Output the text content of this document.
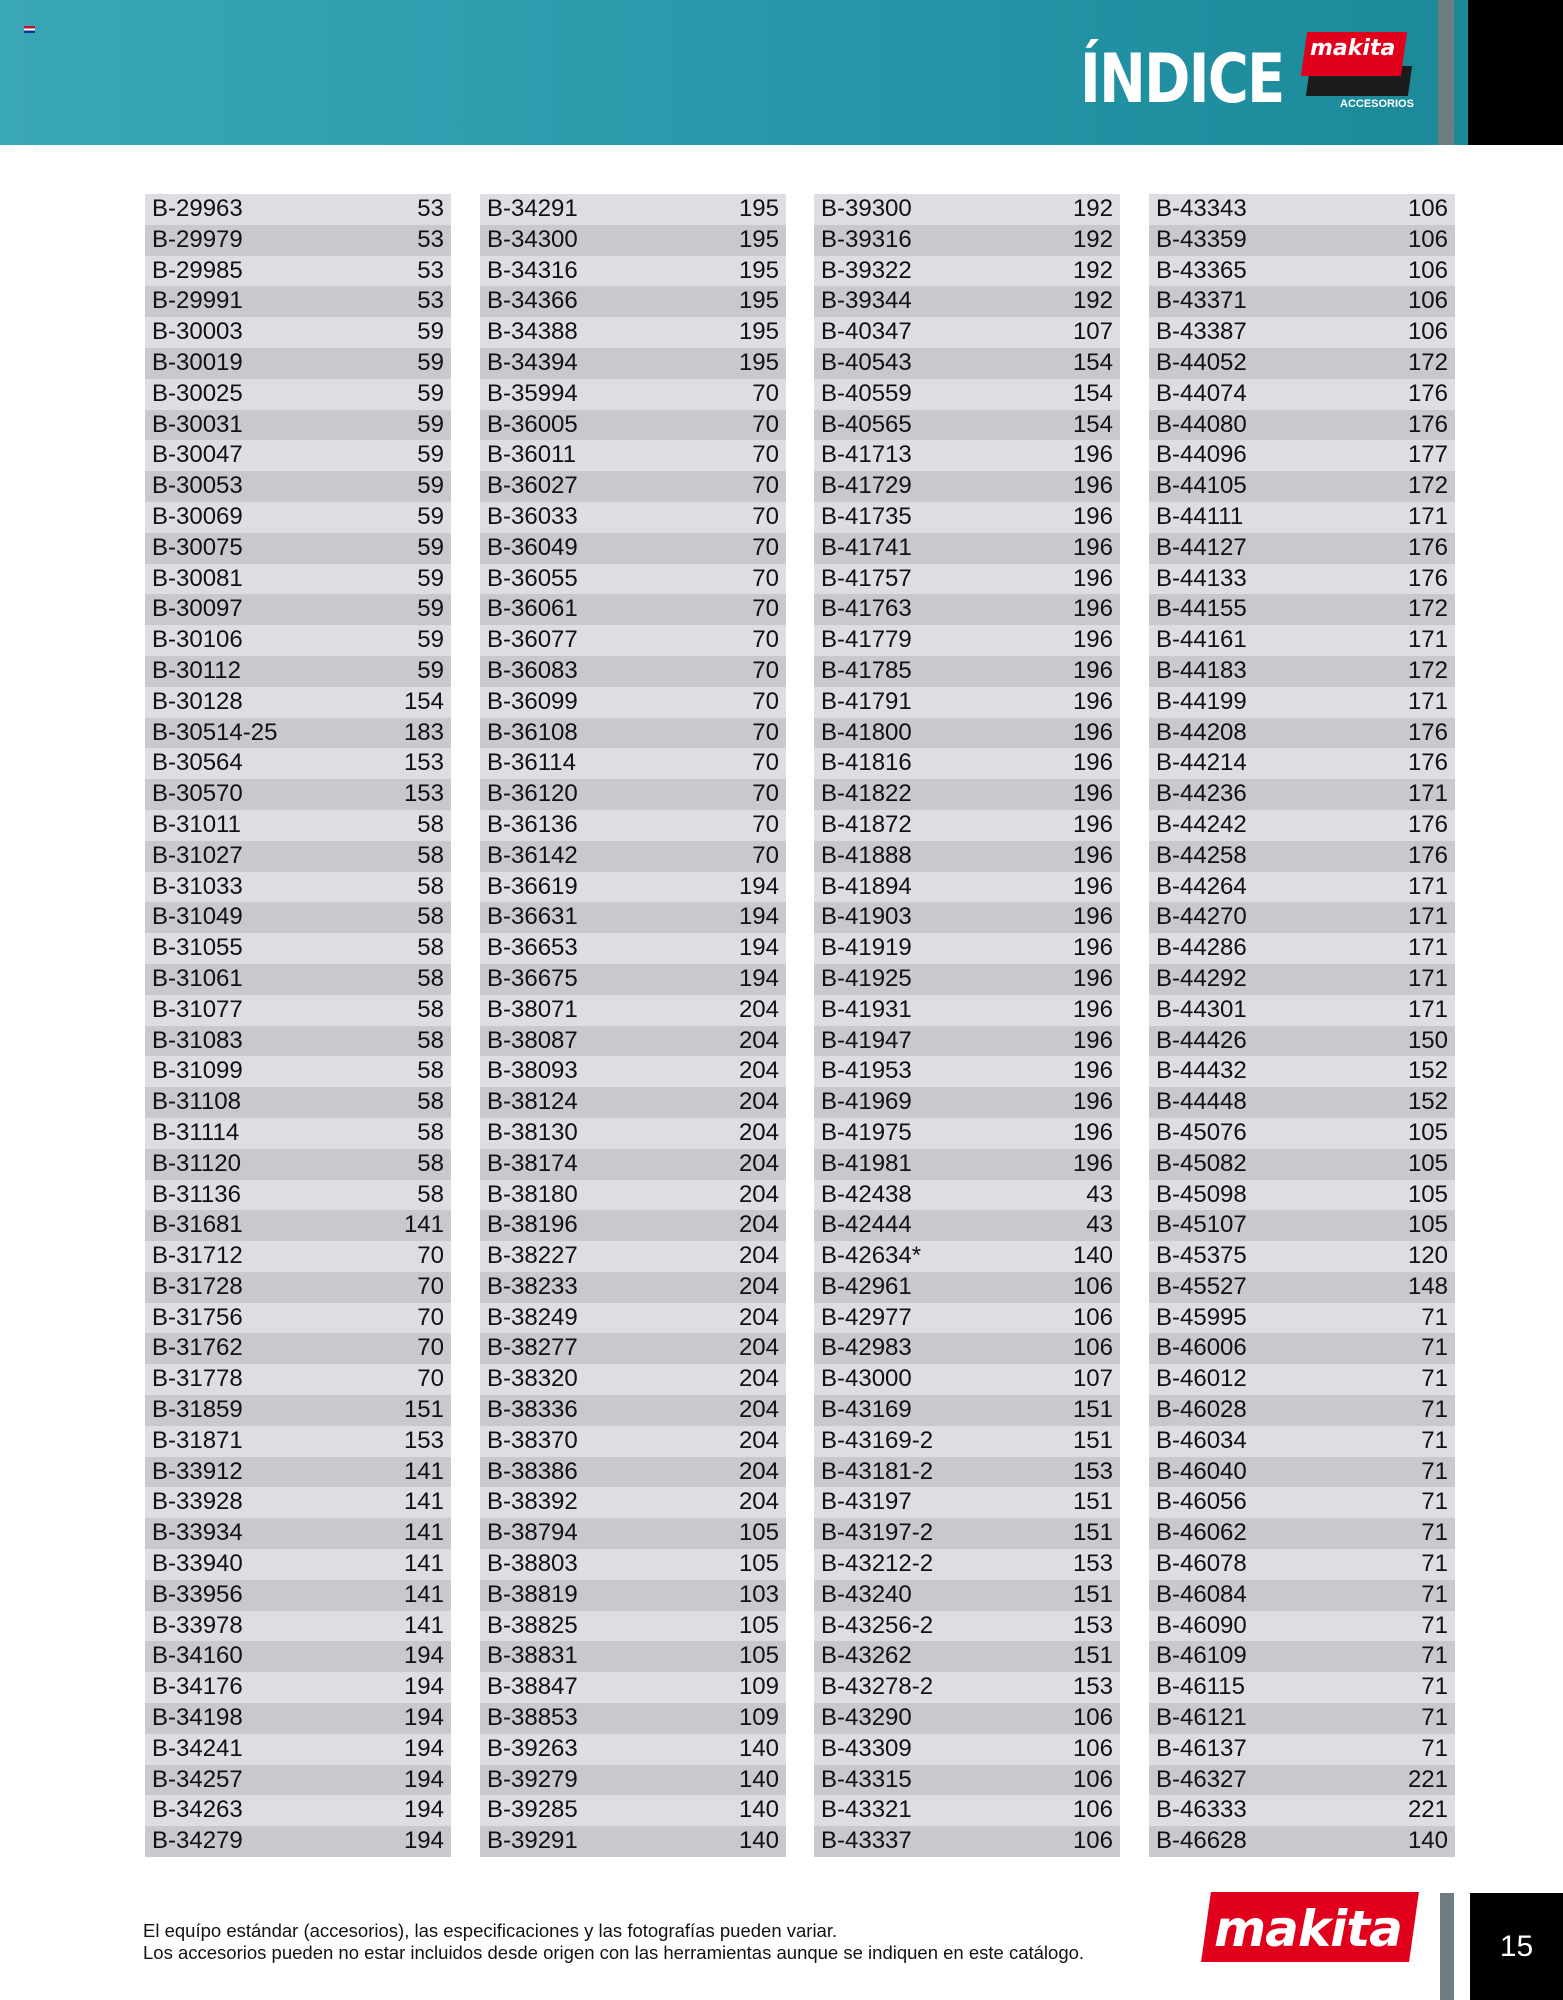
ÍNDICE makita
ACCESORIOS
B-29963	53
B-29979	53
B-29985	53
B-29991	53
B-30003	59
B-30019	59
B-30025	59
B-30031	59
B-30047	59
B-30053	59
B-30069	59
B-30075	59
B-30081	59
B-30097	59
B-30106	59
B-30112	59
B-30128	154
B-30514-25	183
B-30564	153
B-30570	153
B-31011	58
B-31027	58
B-31033	58
B-31049	58
B-31055	58
B-31061	58
B-31077	58
B-31083	58
B-31099	58
B-31108	58
B-31114	58
B-31120	58
B-31136	58
B-31681	141
B-31712	70
B-31728	70
B-31756	70
B-31762	70
B-31778	70
B-31859	151
B-31871	153
B-33912	141
B-33928	141
B-33934	141
B-33940	141
B-33956	141
B-33978	141
B-34160	194
B-34176	194
B-34198	194
B-34241	194
B-34257	194
B-34263	194
B-34279	194
B-34291	195
B-34300	195
B-34316	195
B-34366	195
B-34388	195
B-34394	195
B-35994	70
B-36005	70
B-36011	70
B-36027	70
B-36033	70
B-36049	70
B-36055	70
B-36061	70
B-36077	70
B-36083	70
B-36099	70
B-36108	70
B-36114	70
B-36120	70
B-36136	70
B-36142	70
B-36619	194
B-36631	194
B-36653	194
B-36675	194
B-38071	204
B-38087	204
B-38093	204
B-38124	204
B-38130	204
B-38174	204
B-38180	204
B-38196	204
B-38227	204
B-38233	204
B-38249	204
B-38277	204
B-38320	204
B-38336	204
B-38370	204
B-38386	204
B-38392	204
B-38794	105
B-38803	105
B-38819	103
B-38825	105
B-38831	105
B-38847	109
B-38853	109
B-39263	140
B-39279	140
B-39285	140
B-39291	140
B-39300	192
B-39316	192
B-39322	192
B-39344	192
B-40347	107
B-40543	154
B-40559	154
B-40565	154
B-41713	196
B-41729	196
B-41735	196
B-41741	196
B-41757	196
B-41763	196
B-41779	196
B-41785	196
B-41791	196
B-41800	196
B-41816	196
B-41822	196
B-41872	196
B-41888	196
B-41894	196
B-41903	196
B-41919	196
B-41925	196
B-41931	196
B-41947	196
B-41953	196
B-41969	196
B-41975	196
B-41981	196
B-42438	43
B-42444	43
B-42634*	140
B-42961	106
B-42977	106
B-42983	106
B-43000	107
B-43169	151
B-43169-2	151
B-43181-2	153
B-43197	151
B-43197-2	151
B-43212-2	153
B-43240	151
B-43256-2	153
B-43262	151
B-43278-2	153
B-43290	106
B-43309	106
B-43315	106
B-43321	106
B-43337	106
B-43343	106
B-43359	106
B-43365	106
B-43371	106
B-43387	106
B-44052	172
B-44074	176
B-44080	176
B-44096	177
B-44105	172
B-44111	171
B-44127	176
B-44133	176
B-44155	172
B-44161	171
B-44183	172
B-44199	171
B-44208	176
B-44214	176
B-44236	171
B-44242	176
B-44258	176
B-44264	171
B-44270	171
B-44286	171
B-44292	171
B-44301	171
B-44426	150
B-44432	152
B-44448	152
B-45076	105
B-45082	105
B-45098	105
B-45107	105
B-45375	120
B-45527	148
B-45995	71
B-46006	71
B-46012	71
B-46028	71
B-46034	71
B-46040	71
B-46056	71
B-46062	71
B-46078	71
B-46084	71
B-46090	71
B-46109	71
B-46115	71
B-46121	71
B-46137	71
B-46327	221
B-46333	221
B-46628	140
El equípo estándar (accesorios), las especificaciones y las fotografías pueden variar.
Los accesorios pueden no estar incluidos desde origen con las herramientas aunque se indiquen en este catálogo.	makita	15
